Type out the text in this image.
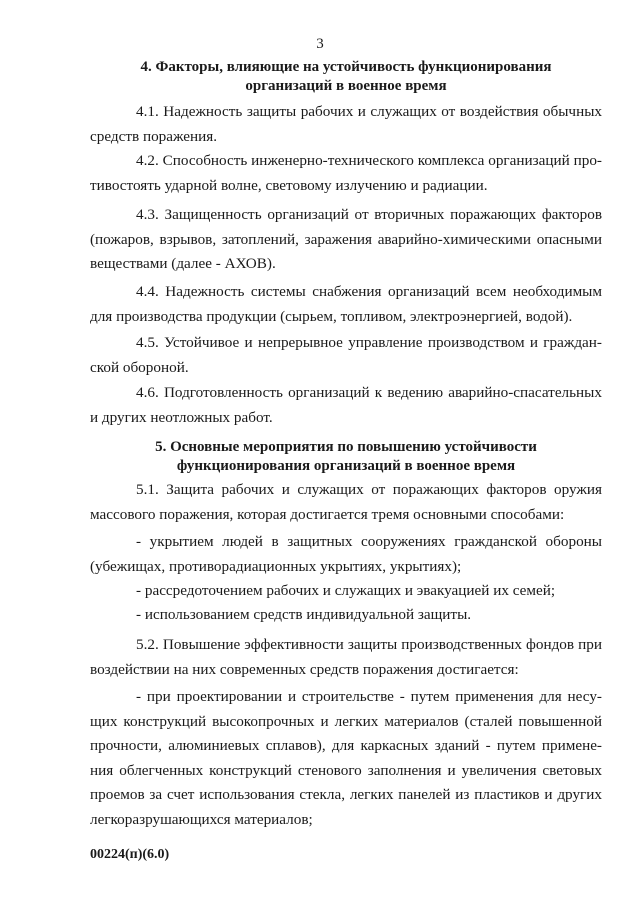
3
4. Факторы, влияющие на устойчивость функционирования
организаций в военное время
4.1. Надежность защиты рабочих и служащих от воздействия обычных
средств поражения.
4.2. Способность инженерно-технического комплекса организаций про-
тивостоять ударной волне, световому излучению и радиации.
4.3. Защищенность организаций от вторичных поражающих факторов
(пожаров, взрывов, затоплений, заражения аварийно-химическими опасными
веществами (далее - АХОВ).
4.4. Надежность системы снабжения организаций всем необходимым
для производства продукции (сырьем, топливом, электроэнергией, водой).
4.5. Устойчивое и непрерывное управление производством и граждан-
ской обороной.
4.6. Подготовленность организаций к ведению аварийно-спасательных
и других неотложных работ.
5. Основные мероприятия по повышению устойчивости
функционирования организаций в военное время
5.1. Защита рабочих и служащих от поражающих факторов оружия
массового поражения, которая достигается тремя основными способами:
- укрытием людей в защитных сооружениях гражданской обороны
(убежищах, противорадиационных укрытиях, укрытиях);
- рассредоточением рабочих и служащих и эвакуацией их семей;
- использованием средств индивидуальной защиты.
5.2. Повышение эффективности защиты производственных фондов при
воздействии на них современных средств поражения достигается:
- при проектировании и строительстве - путем применения для несу-
щих конструкций высокопрочных и легких материалов (сталей повышенной
прочности, алюминиевых сплавов), для каркасных зданий - путем примене-
ния облегченных конструкций стенового заполнения и увеличения световых
проемов за счет использования стекла, легких панелей из пластиков и других
легкоразрушающихся материалов;
00224(п)(6.0)
